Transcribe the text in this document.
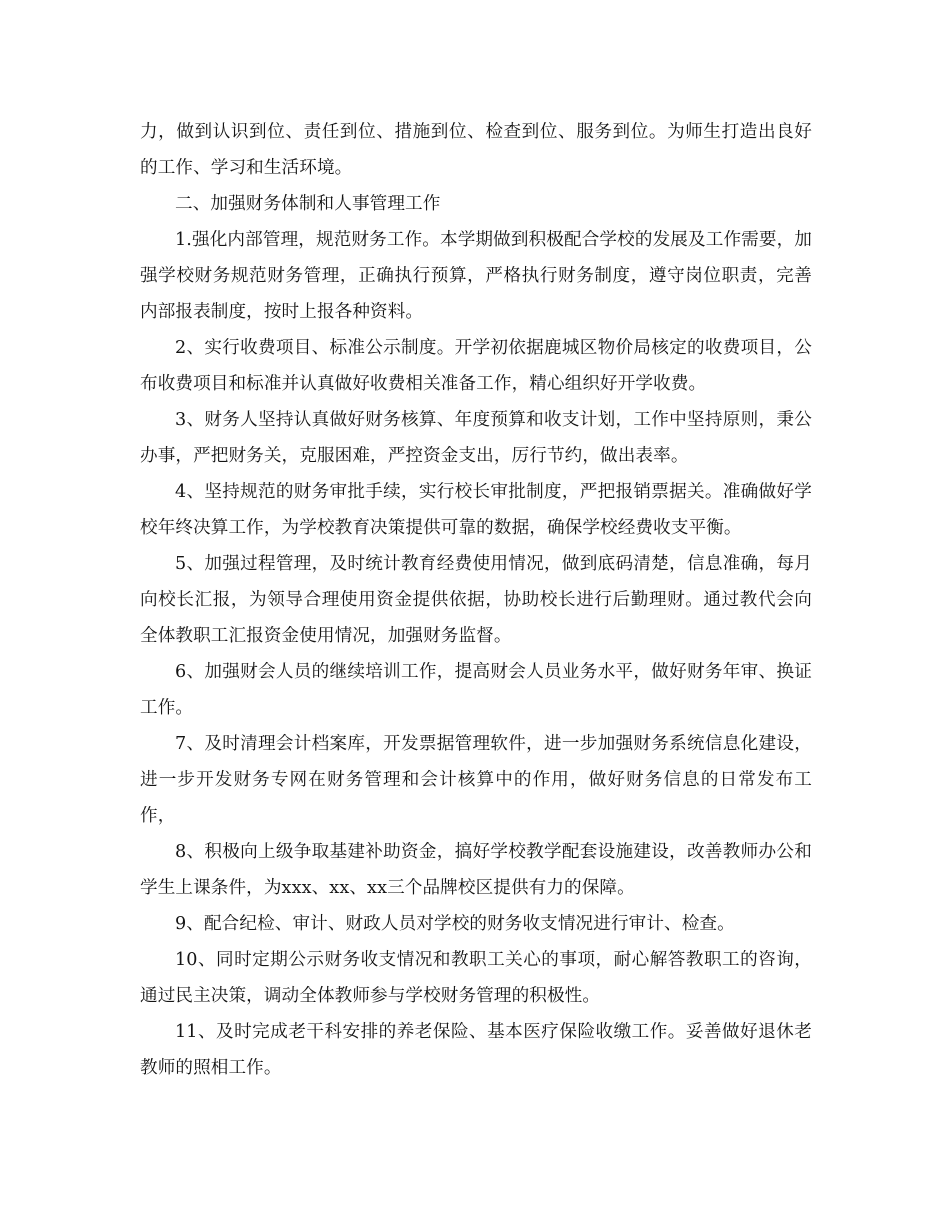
力，做到认识到位、责任到位、措施到位、检查到位、服务到位。为师生打造出良好的工作、学习和生活环境。

二、加强财务体制和人事管理工作

1.强化内部管理，规范财务工作。本学期做到积极配合学校的发展及工作需要，加强学校财务规范财务管理，正确执行预算，严格执行财务制度，遵守岗位职责，完善内部报表制度，按时上报各种资料。

2、实行收费项目、标准公示制度。开学初依据鹿城区物价局核定的收费项目，公布收费项目和标准并认真做好收费相关准备工作，精心组织好开学收费。

3、财务人坚持认真做好财务核算、年度预算和收支计划，工作中坚持原则，秉公办事，严把财务关，克服困难，严控资金支出，厉行节约，做出表率。

4、坚持规范的财务审批手续，实行校长审批制度，严把报销票据关。准确做好学校年终决算工作，为学校教育决策提供可靠的数据，确保学校经费收支平衡。

5、加强过程管理，及时统计教育经费使用情况，做到底码清楚，信息准确，每月向校长汇报，为领导合理使用资金提供依据，协助校长进行后勤理财。通过教代会向全体教职工汇报资金使用情况，加强财务监督。

6、加强财会人员的继续培训工作，提高财会人员业务水平，做好财务年审、换证工作。

7、及时清理会计档案库，开发票据管理软件，进一步加强财务系统信息化建设，进一步开发财务专网在财务管理和会计核算中的作用，做好财务信息的日常发布工作，

8、积极向上级争取基建补助资金，搞好学校教学配套设施建设，改善教师办公和学生上课条件，为xxx、xx、xx三个品牌校区提供有力的保障。

9、配合纪检、审计、财政人员对学校的财务收支情况进行审计、检查。

10、同时定期公示财务收支情况和教职工关心的事项，耐心解答教职工的咨询，通过民主决策，调动全体教师参与学校财务管理的积极性。

11、及时完成老干科安排的养老保险、基本医疗保险收缴工作。妥善做好退休老教师的照相工作。
